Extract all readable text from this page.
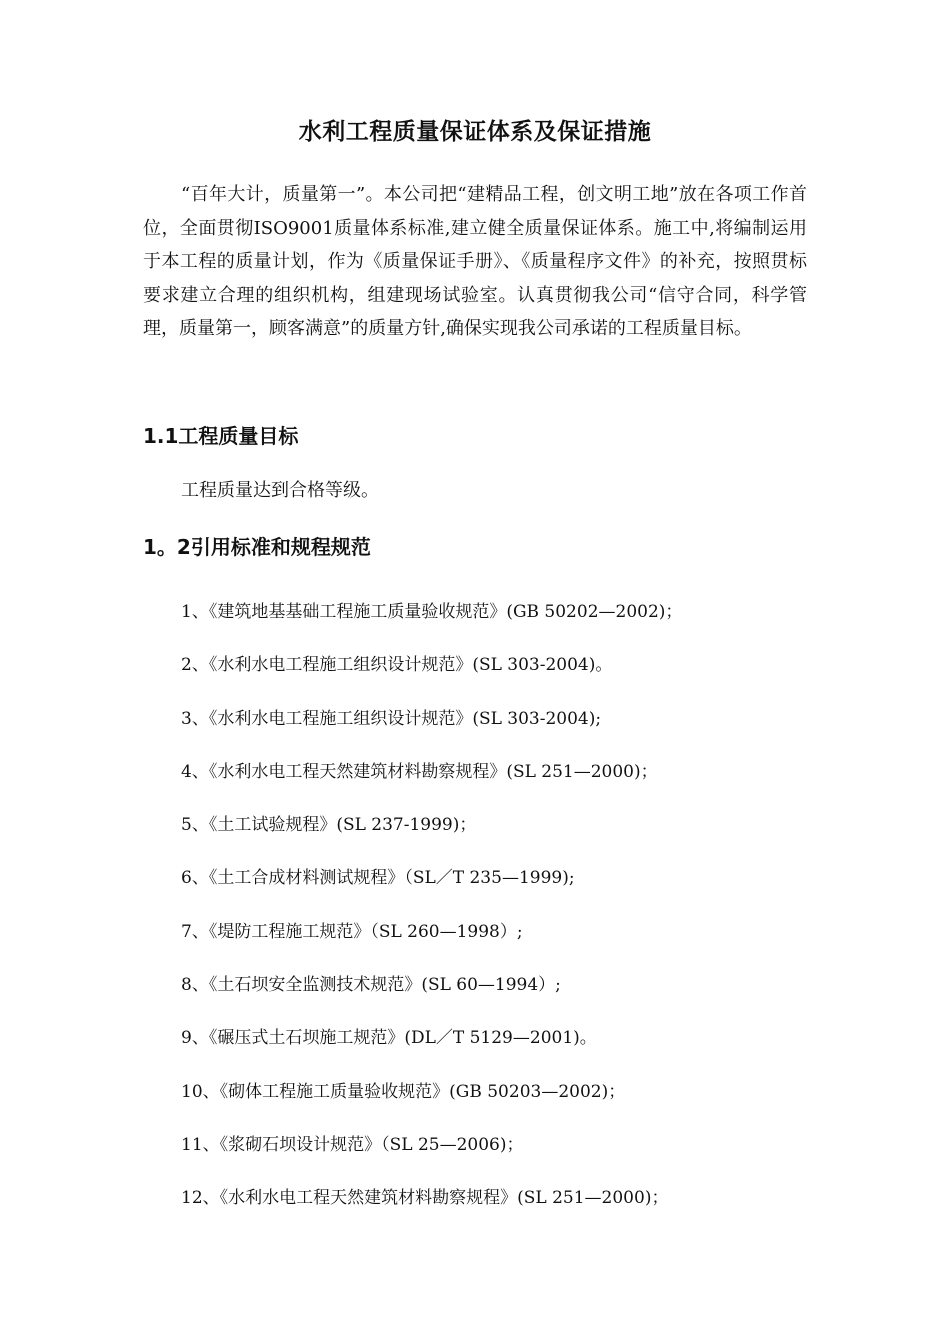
水利工程质量保证体系及保证措施

“百年大计，质量第一”。本公司把“建精品工程，创文明工地”放在各项工作首位，全面贯彻ISO9001质量体系标准,建立健全质量保证体系。施工中,将编制运用于本工程的质量计划，作为《质量保证手册》、《质量程序文件》的补充，按照贯标要求建立合理的组织机构，组建现场试验室。认真贯彻我公司“信守合同，科学管理，质量第一，顾客满意”的质量方针,确保实现我公司承诺的工程质量目标。

1.1工程质量目标

工程质量达到合格等级。

1。2引用标准和规程规范
1、《建筑地基基础工程施工质量验收规范》(GB 50202—2002)；
2、《水利水电工程施工组织设计规范》(SL 303-2004)。
3、《水利水电工程施工组织设计规范》(SL 303-2004);
4、《水利水电工程天然建筑材料勘察规程》(SL 251—2000)；
5、《土工试验规程》(SL 237-1999)；
6、《土工合成材料测试规程》（SL／T 235—1999);
7、《堤防工程施工规范》（SL 260—1998）;
8、《土石坝安全监测技术规范》(SL 60—1994）;
9、《碾压式土石坝施工规范》(DL／T 5129—2001)。
10、《砌体工程施工质量验收规范》(GB 50203—2002)；
11、《浆砌石坝设计规范》（SL 25—2006)；
12、《水利水电工程天然建筑材料勘察规程》(SL 251—2000)；
